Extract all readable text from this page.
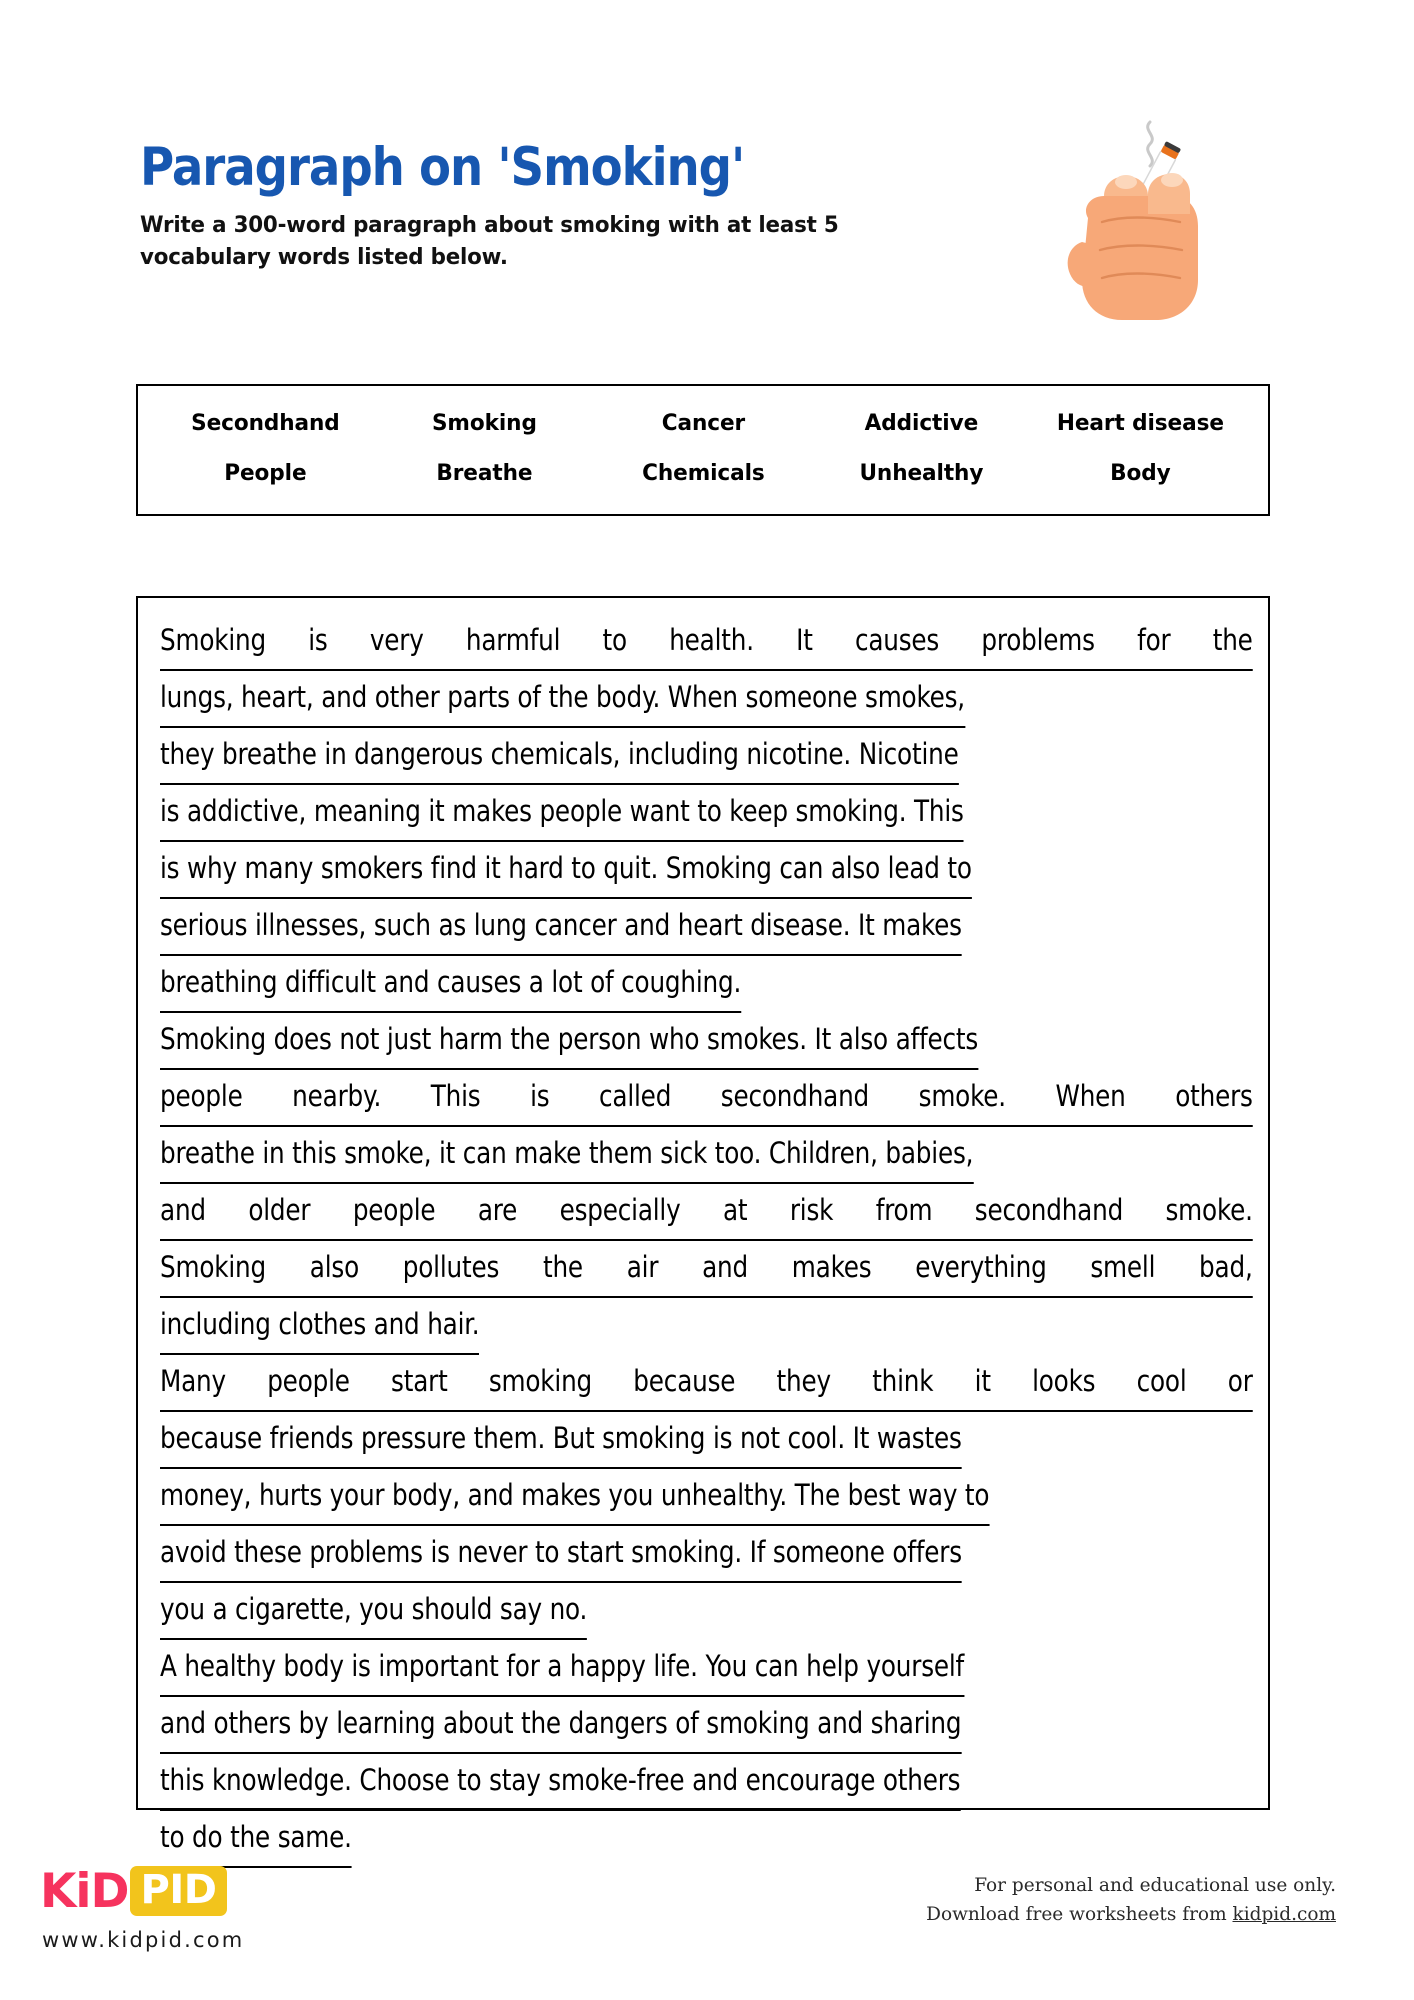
Paragraph on 'Smoking'
Write a 300-word paragraph about smoking with at least 5 vocabulary words listed below.
Secondhand	Smoking	Cancer	Addictive	Heart disease
People	Breathe	Chemicals	Unhealthy	Body
Smoking is very harmful to health. It causes problems for the
lungs, heart, and other parts of the body. When someone smokes,
they breathe in dangerous chemicals, including nicotine. Nicotine
is addictive, meaning it makes people want to keep smoking. This
is why many smokers find it hard to quit. Smoking can also lead to
serious illnesses, such as lung cancer and heart disease. It makes
breathing difficult and causes a lot of coughing.
Smoking does not just harm the person who smokes. It also affects
people nearby. This is called secondhand smoke. When others
breathe in this smoke, it can make them sick too. Children, babies,
and older people are especially at risk from secondhand smoke.
Smoking also pollutes the air and makes everything smell bad,
including clothes and hair.
Many people start smoking because they think it looks cool or
because friends pressure them. But smoking is not cool. It wastes
money, hurts your body, and makes you unhealthy. The best way to
avoid these problems is never to start smoking. If someone offers
you a cigarette, you should say no.
A healthy body is important for a happy life. You can help yourself
and others by learning about the dangers of smoking and sharing
this knowledge. Choose to stay smoke-free and encourage others
to do the same.
KiD PID
www.kidpid.com
For personal and educational use only.
Download free worksheets from kidpid.com
